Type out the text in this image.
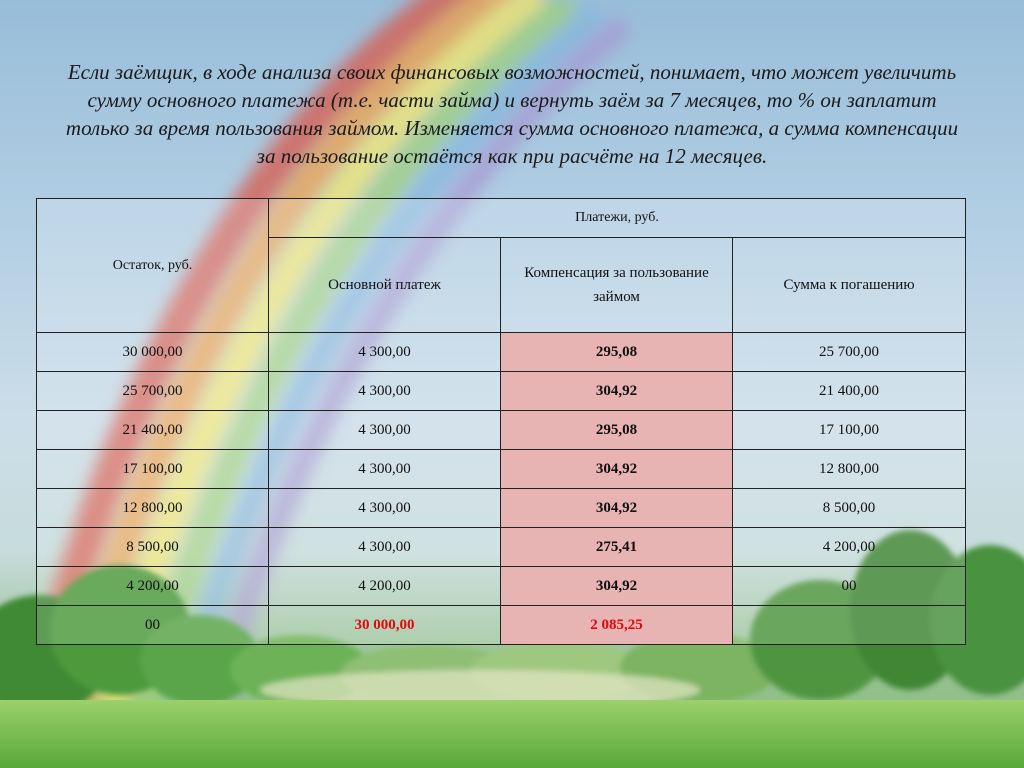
Если заёмщик, в ходе анализа своих финансовых возможностей, понимает, что может увеличить сумму основного платежа (т.е. части займа) и вернуть заём за 7 месяцев, то % он заплатит только за время пользования займом. Изменяется сумма основного платежа, а сумма компенсации за пользование остаётся как при расчёте на 12 месяцев.
Остаток, руб.	Платежи, руб.		
	Основной платеж	Компенсация за пользование займом	Сумма к погашению
30 000,00	4 300,00	295,08	25 700,00
25 700,00	4 300,00	304,92	21 400,00
21 400,00	4 300,00	295,08	17 100,00
17 100,00	4 300,00	304,92	12 800,00
12 800,00	4 300,00	304,92	8 500,00
8 500,00	4 300,00	275,41	4 200,00
4 200,00	4 200,00	304,92	00
00	30 000,00	2 085,25	
